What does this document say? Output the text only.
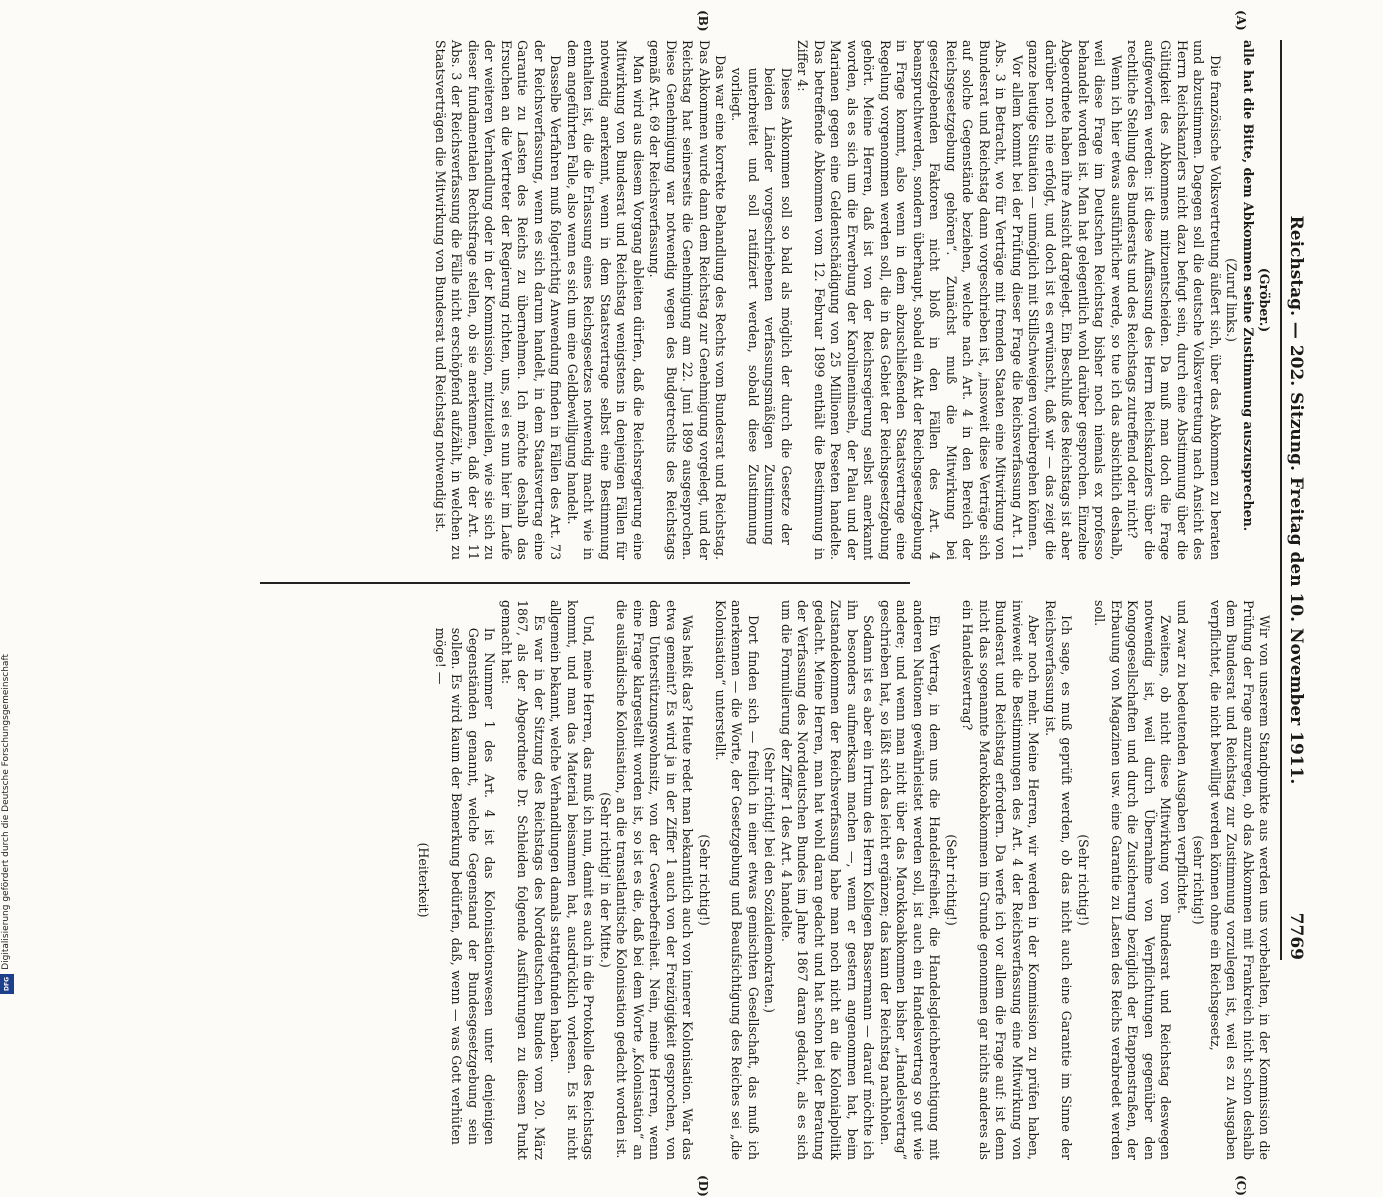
Digitalisierung gefördert durch die Deutsche Forschungsgemeinschaft
DFG
Reichstag. — 202. Sitzung. Freitag den 10. November 1911.
7769
(A)
(B)
(C)
(D)

(Gröber.)

alle hat die Bitte, dem Abkommen seine Zustimmung auszusprechen.

(Zuruf links.)

Die französische Volksvertretung äußert sich, über das Abkommen zu beraten und abzustimmen. Dagegen soll die deutsche Volksvertretung nach Ansicht des Herrn Reichskanzlers nicht dazu befugt sein, durch eine Abstimmung über die Gültigkeit des Abkommens mitzuentscheiden. Da muß man doch die Frage aufgeworfen werden: ist diese Auffassung des Herrn Reichskanzlers über die rechtliche Stellung des Bundesrats und des Reichstags zutreffend oder nicht?

Wenn ich hier etwas ausführlicher werde, so tue ich das absichtlich deshalb, weil diese Frage im Deutschen Reichstag bisher noch niemals ex professo behandelt worden ist. Man hat gelegentlich wohl darüber gesprochen. Einzelne Abgeordnete haben ihre Ansicht dargelegt. Ein Beschluß des Reichstags ist aber darüber noch nie erfolgt, und doch ist es erwünscht, daß wir — das zeigt die ganze heutige Situation — unmöglich mit Stillschweigen vorübergehen können.

Vor allem kommt bei der Prüfung dieser Frage die Reichsverfassung Art. 11 Abs. 3 in Betracht, wo für Verträge mit fremden Staaten eine Mitwirkung von Bundesrat und Reichstag dann vorgeschrieben ist, „insoweit diese Verträge sich auf solche Gegenstände beziehen, welche nach Art. 4 in den Bereich der Reichsgesetzgebung gehören“. Zunächst muß die Mitwirkung bei gesetzgebenden Faktoren nicht bloß in den Fällen des Art. 4 beanspruchtwerden, sondern überhaupt, sobald ein Akt der Reichsgesetzgebung in Frage kommt, also wenn in dem abzuschließenden Staatsvertrage eine Regelung vorgenommen werden soll, die in das Gebiet der Reichsgesetzgebung gehört. Meine Herren, daß ist von der Reichsregierung selbst anerkannt worden, als es sich um die Erwerbung der Karolineninseln, der Palau und der Marianen gegen eine Geldentschädigung von 25 Millionen Peseten handelte. Das betreffende Abkommen vom 12. Februar 1899 enthält die Bestimmung in Ziffer 4:

Dieses Abkommen soll so bald als möglich der durch die Gesetze der beiden Länder vorgeschriebenen verfassungsmäßigen Zustimmung unterbreitet und soll ratifiziert werden, sobald diese Zustimmung vorliegt.

Das war eine korrekte Behandlung des Rechts vom Bundesrat und Reichstag. Das Abkommen wurde dann dem Reichstag zur Genehmigung vorgelegt, und der Reichstag hat seinerseits die Genehmigung am 22. Juni 1899 ausgesprochen. Diese Genehmigung war notwendig wegen des Budgetrechts des Reichstags gemäß Art. 69 der Reichsverfassung.

Man wird aus diesem Vorgang ableiten dürfen, daß die Reichsregierung eine Mitwirkung von Bundesrat und Reichstag wenigstens in denjenigen Fällen für notwendig anerkennt, wenn in dem Staatsvertrage selbst eine Bestimmung enthalten ist, die die Erlassung eines Reichsgesetzes notwendig macht wie in dem angeführten Falle, also wenn es sich um eine Geldbewilligung handelt.

Dasselbe Verfahren muß folgerichtig Anwendung finden in Fällen des Art. 73 der Reichsverfassung, wenn es sich darum handelt, in dem Staatsvertrag eine Garantie zu Lasten des Reichs zu übernehmen. Ich möchte deshalb das Ersuchen an die Vertreter der Regierung richten, uns, sei es nun hier im Laufe der weiteren Verhandlung oder in der Kommission, mitzuteilen, wie sie sich zu dieser fundamentalen Rechtsfrage stellen, ob sie anerkennen, daß der Art. 11 Abs. 3 der Reichsverfassung die Fälle nicht erschöpfend aufzählt, in welchen zu Staatsverträgen die Mitwirkung von Bundesrat und Reichstag notwendig ist.

Wir von unserem Standpunkte aus werden uns vorbehalten, in der Kommission die Prüfung der Frage anzuregen, ob das Abkommen mit Frankreich nicht schon deshalb dem Bundesrat und Reichstag zur Zustimmung vorzulegen ist, weil es zu Ausgaben verpflichtet, die nicht bewilligt werden können ohne ein Reichsgesetz,

(sehr richtig!)

und zwar zu bedeutenden Ausgaben verpflichtet.

Zweitens, ob nicht diese Mitwirkung von Bundesrat und Reichstag deswegen notwendig ist, weil durch Übernahme von Verpflichtungen gegenüber den Kongogesellschaften und durch die Zusicherung bezüglich der Etappenstraßen, der Erbauung von Magazinen usw. eine Garantie zu Lasten des Reichs verabredet werden soll.

(Sehr richtig!)

Ich sage, es muß geprüft werden, ob das nicht auch eine Garantie im Sinne der Reichsverfassung ist.

Aber noch mehr. Meine Herren, wir werden in der Kommission zu prüfen haben, inwieweit die Bestimmungen des Art. 4 der Reichsverfassung eine Mitwirkung von Bundesrat und Reichstag erfordern. Da werfe ich vor allem die Frage auf: ist denn nicht das sogenannte Marokkoabkommen im Grunde genommen gar nichts anderes als ein Handelsvertrag?

(Sehr richtig!)

Ein Vertrag, in dem uns die Handelsfreiheit, die Handelsgleichberechtigung mit anderen Nationen gewährleistet werden soll, ist auch ein Handelsvertrag so gut wie andere; und wenn man nicht über das Marokkoabkommen bisher „Handelsvertrag“ geschrieben hat, so läßt sich das leicht ergänzen; das kann der Reichstag nachholen.

Sodann ist es aber ein Irrtum des Herrn Kollegen Bassermann — darauf möchte ich ihn besonders aufmerksam machen —, wenn er gestern angenommen hat, beim Zustandekommen der Reichsverfassung habe man noch nicht an die Kolonialpolitik gedacht. Meine Herren, man hat wohl daran gedacht und hat schon bei der Beratung der Verfassung des Norddeutschen Bundes im Jahre 1867 daran gedacht, als es sich um die Formulierung der Ziffer 1 des Art. 4 handelte.

(Sehr richtig! bei den Sozialdemokraten.)

Dort finden sich — freilich in einer etwas gemischten Gesellschaft, das muß ich anerkennen — die Worte, der Gesetzgebung und Beaufsichtigung des Reiches sei „die Kolonisation“ unterstellt.

(Sehr richtig!)

Was heißt das? Heute redet man bekanntlich auch von innerer Kolonisation. War das etwa gemeint? Es wird ja in der Ziffer 1 auch von der Freizügigkeit gesprochen, von dem Unterstützungswohnsitz, von der Gewerbefreiheit. Nein, meine Herren, wenn eine Frage klargestellt worden ist, so ist es die, daß bei dem Worte „Kolonisation“ an die ausländische Kolonisation, an die transatlantische Kolonisation gedacht worden ist.

(Sehr richtig! in der Mitte.)

Und, meine Herren, das muß ich nun, damit es auch in die Protokolle des Reichstags kommt, und man das Material beisammen hat, ausdrücklich vorlesen. Es ist nicht allgemein bekannt, welche Verhandlungen damals stattgefunden haben.

Es war in der Sitzung des Reichstags des Norddeutschen Bundes vom 20. März 1867, als der Abgeordnete Dr. Schleiden folgende Ausführungen zu diesem Punkt gemacht hat:

In Nummer 1 des Art. 4 ist das Kolonisationswesen unter denjenigen Gegenständen genannt, welche Gegenstand der Bundesgesetzgebung sein sollen. Es wird kaum der Bemerkung bedürfen, daß, wenn — was Gott verhüten möge! —

(Heiterkeit)
